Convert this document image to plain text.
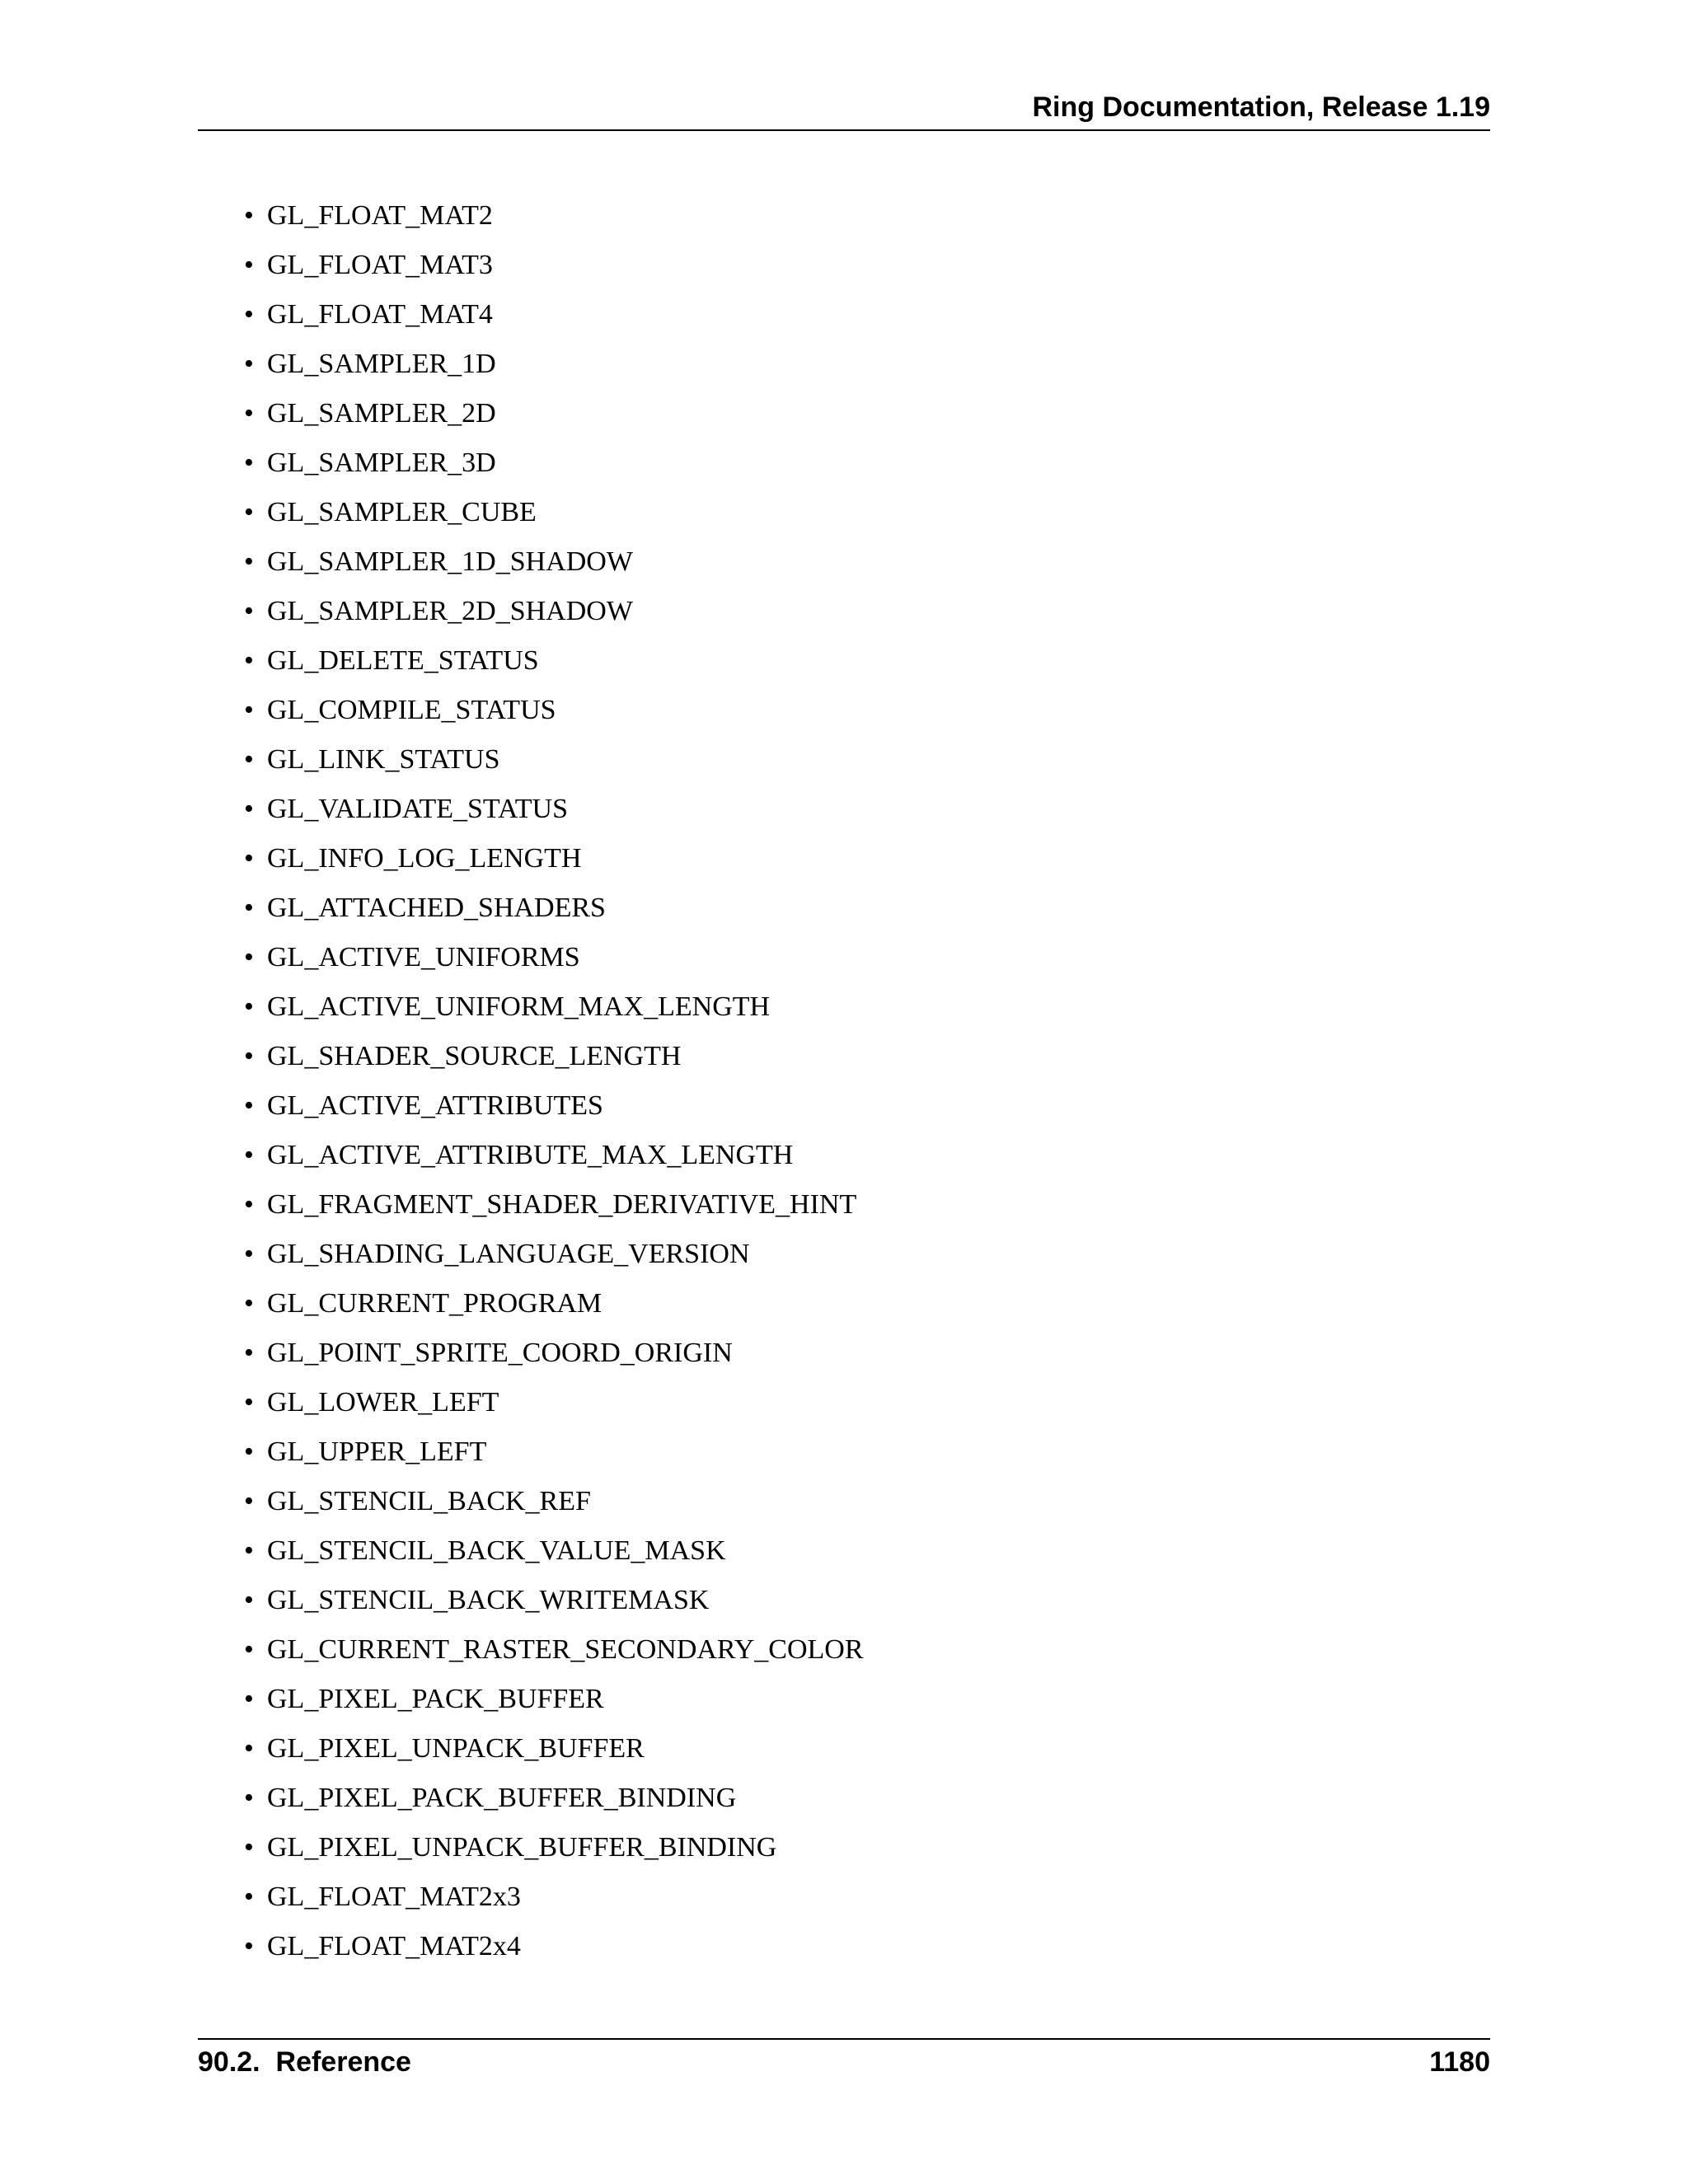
Ring Documentation, Release 1.19
• GL_FLOAT_MAT2
• GL_FLOAT_MAT3
• GL_FLOAT_MAT4
• GL_SAMPLER_1D
• GL_SAMPLER_2D
• GL_SAMPLER_3D
• GL_SAMPLER_CUBE
• GL_SAMPLER_1D_SHADOW
• GL_SAMPLER_2D_SHADOW
• GL_DELETE_STATUS
• GL_COMPILE_STATUS
• GL_LINK_STATUS
• GL_VALIDATE_STATUS
• GL_INFO_LOG_LENGTH
• GL_ATTACHED_SHADERS
• GL_ACTIVE_UNIFORMS
• GL_ACTIVE_UNIFORM_MAX_LENGTH
• GL_SHADER_SOURCE_LENGTH
• GL_ACTIVE_ATTRIBUTES
• GL_ACTIVE_ATTRIBUTE_MAX_LENGTH
• GL_FRAGMENT_SHADER_DERIVATIVE_HINT
• GL_SHADING_LANGUAGE_VERSION
• GL_CURRENT_PROGRAM
• GL_POINT_SPRITE_COORD_ORIGIN
• GL_LOWER_LEFT
• GL_UPPER_LEFT
• GL_STENCIL_BACK_REF
• GL_STENCIL_BACK_VALUE_MASK
• GL_STENCIL_BACK_WRITEMASK
• GL_CURRENT_RASTER_SECONDARY_COLOR
• GL_PIXEL_PACK_BUFFER
• GL_PIXEL_UNPACK_BUFFER
• GL_PIXEL_PACK_BUFFER_BINDING
• GL_PIXEL_UNPACK_BUFFER_BINDING
• GL_FLOAT_MAT2x3
• GL_FLOAT_MAT2x4
90.2.  Reference	1180
